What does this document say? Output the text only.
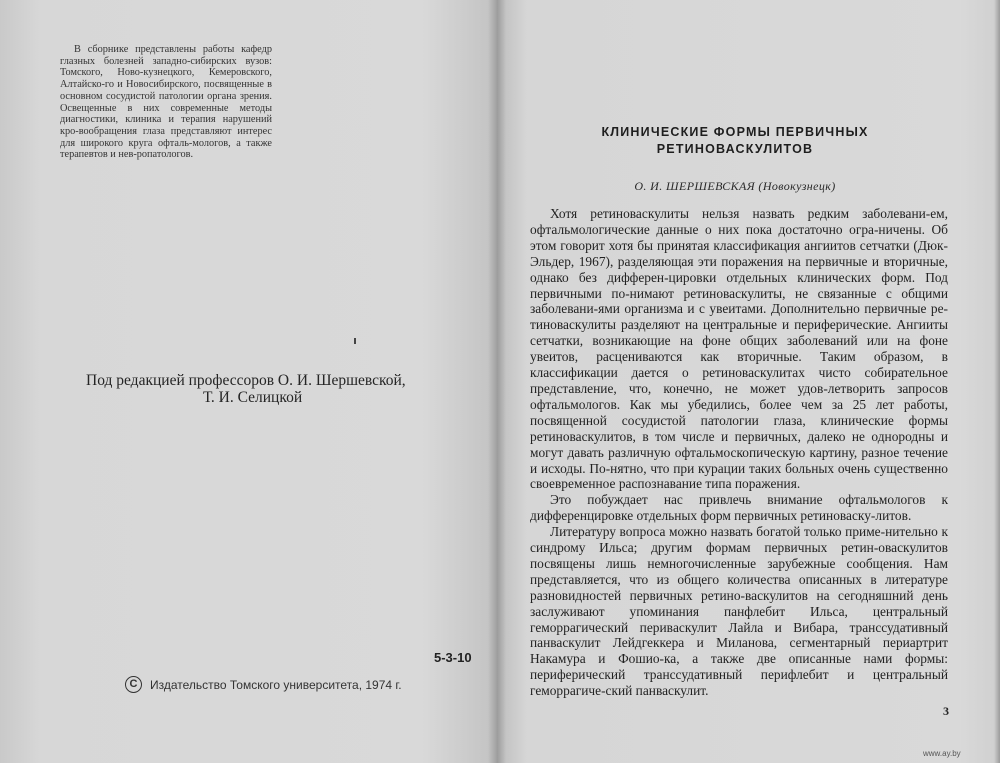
В сборнике представлены работы кафедр глазных болезней западно-сибирских вузов: Томского, Ново-кузнецкого, Кемеровского, Алтайско-го и Новосибирского, посвященные в основном сосудистой патологии органа зрения. Освещенные в них современные методы диагностики, клиника и терапия нарушений кро-вообращения глаза представляют интерес для широкого круга офталь-мологов, а также терапевтов и нев-ропатологов.
Под редакцией профессоров О. И. Шершевской,
Т. И. Селицкой
5-3-10
C	Издательство Томского университета, 1974 г.
КЛИНИЧЕСКИЕ ФОРМЫ ПЕРВИЧНЫХ
РЕТИНОВАСКУЛИТОВ
О. И. ШЕРШЕВСКАЯ (Новокузнецк)

Хотя ретиноваскулиты нельзя назвать редким заболевани-ем, офтальмологические данные о них пока достаточно огра-ничены. Об этом говорит хотя бы принятая классификация ангиитов сетчатки (Дюк-Эльдер, 1967), разделяющая эти поражения на первичные и вторичные, однако без дифферен-цировки отдельных клинических форм. Под первичными по-нимают ретиноваскулиты, не связанные с общими заболевани-ями организма и с увеитами. Дополнительно первичные ре-тиноваскулиты разделяют на центральные и периферические. Ангииты сетчатки, возникающие на фоне общих заболеваний или на фоне увеитов, расцениваются как вторичные. Таким образом, в классификации дается о ретиноваскулитах чисто собирательное представление, что, конечно, не может удов-летворить запросов офтальмологов. Как мы убедились, более чем за 25 лет работы, посвященной сосудистой патологии глаза, клинические формы ретиноваскулитов, в том числе и первичных, далеко не однородны и могут давать различную офтальмоскопическую картину, разное течение и исходы. По-нятно, что при курации таких больных очень существенно своевременное распознавание типа поражения.

Это побуждает нас привлечь внимание офтальмологов к дифференцировке отдельных форм первичных ретиноваску-литов.

Литературу вопроса можно назвать богатой только приме-нительно к синдрому Ильса; другим формам первичных ретин-оваскулитов посвящены лишь немногочисленные зарубежные сообщения. Нам представляется, что из общего количества описанных в литературе разновидностей первичных ретино-васкулитов на сегодняшний день заслуживают упоминания панфлебит Ильса, центральный геморрагический перивaскулит Лайла и Вибара, транссудативный панваскулит Лейдгеккера и Миланова, сегментарный периартрит Накамура и Фошио-ка, а также две описанные нами формы: периферический транссудативный перифлебит и центральный геморрагиче-ский панваскулит.

3
www.ay.by
